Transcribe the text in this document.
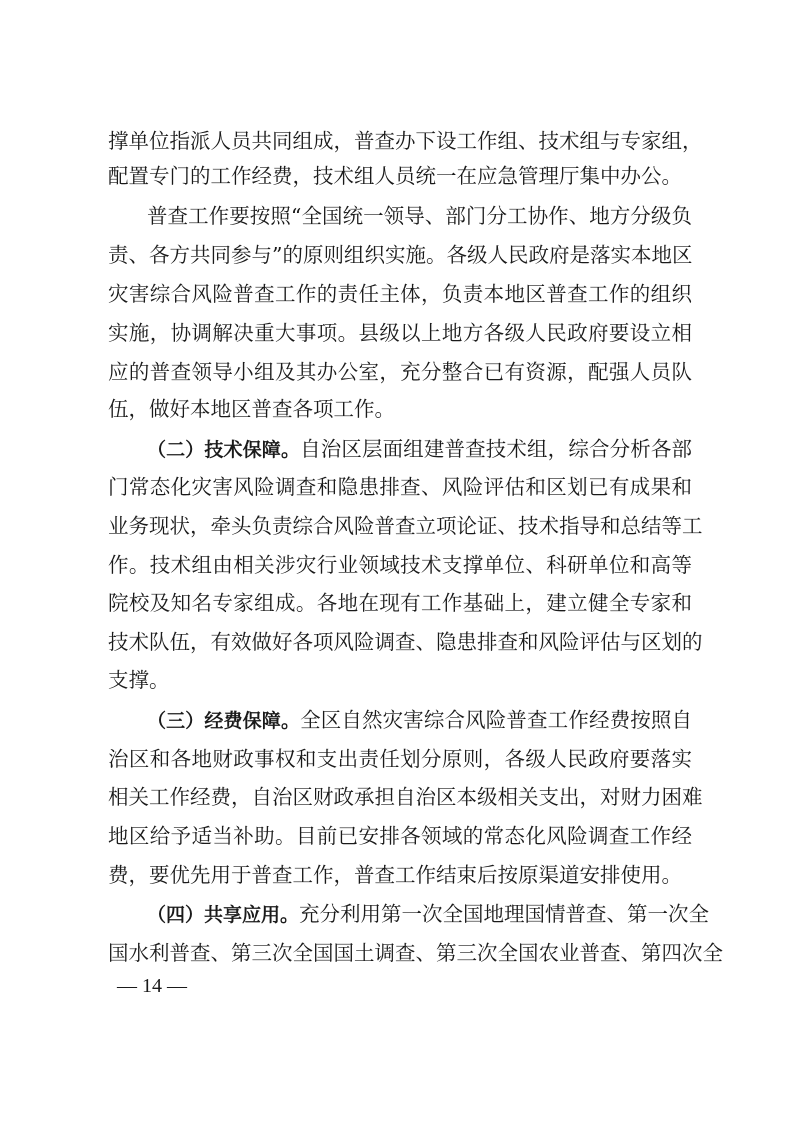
撑单位指派人员共同组成，普查办下设工作组、技术组与专家组，
配置专门的工作经费，技术组人员统一在应急管理厅集中办公。
普查工作要按照“全国统一领导、部门分工协作、地方分级负
责、各方共同参与”的原则组织实施。各级人民政府是落实本地区
灾害综合风险普查工作的责任主体，负责本地区普查工作的组织
实施，协调解决重大事项。县级以上地方各级人民政府要设立相
应的普查领导小组及其办公室，充分整合已有资源，配强人员队
伍，做好本地区普查各项工作。
（二）技术保障。自治区层面组建普查技术组，综合分析各部
门常态化灾害风险调查和隐患排查、风险评估和区划已有成果和
业务现状，牵头负责综合风险普查立项论证、技术指导和总结等工
作。技术组由相关涉灾行业领域技术支撑单位、科研单位和高等
院校及知名专家组成。各地在现有工作基础上，建立健全专家和
技术队伍，有效做好各项风险调查、隐患排查和风险评估与区划的
支撑。
（三）经费保障。全区自然灾害综合风险普查工作经费按照自
治区和各地财政事权和支出责任划分原则，各级人民政府要落实
相关工作经费，自治区财政承担自治区本级相关支出，对财力困难
地区给予适当补助。目前已安排各领域的常态化风险调查工作经
费，要优先用于普查工作，普查工作结束后按原渠道安排使用。
（四）共享应用。充分利用第一次全国地理国情普查、第一次全
国水利普查、第三次全国国土调查、第三次全国农业普查、第四次全
— 14 —
